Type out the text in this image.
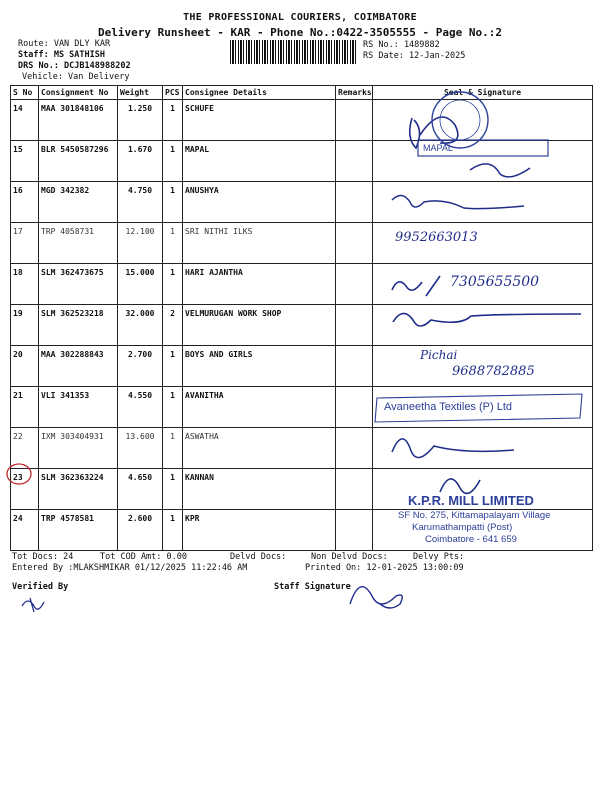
THE PROFESSIONAL COURIERS, COIMBATORE
Delivery Runsheet - KAR - Phone No.:0422-3505555 - Page No.:2
Route: VAN DLY KAR
Staff: MS SATHISH
DRS No.: DCJB148988202
Vehicle: Van Delivery
RS No.: 1489882
RS Date: 12-Jan-2025
S No	Consignment No	Weight	PCS	Consignee Details	Remarks	Seal & Signature
14	MAA 301848106	1.250	1	SCHUFE		
15	BLR 5450587296	1.670	1	MAPAL		
16	MGD 342382	4.750	1	ANUSHYA		
17	TRP 4058731	12.100	1	SRI NITHI ILKS		
18	SLM 362473675	15.000	1	HARI AJANTHA		
19	SLM 362523218	32.000	2	VELMURUGAN WORK SHOP		
20	MAA 302288843	2.700	1	BOYS AND GIRLS		
21	VLI 341353	4.550	1	AVANITHA		
22	IXM 303404931	13.600	1	ASWATHA		
23	SLM 362363224	4.650	1	KANNAN		
24	TRP 4578581	2.600	1	KPR		
9952663013
7305655500
Pichai
9688782885
MAPAL
Avaneetha Textiles (P) Ltd
K.P.R. MILL LIMITED
SF No. 275, Kittamapalayam Village
Karumathampatti (Post)
Coimbatore - 641 659
Tot Docs: 24	Tot COD Amt: 0.00	Delvd Docs:	Non Delvd Docs:	Delvy Pts:
Entered By :MLAKSHMIKAR 01/12/2025 11:22:46 AM	Printed On: 12-01-2025 13:00:09
Verified By	Staff Signature
